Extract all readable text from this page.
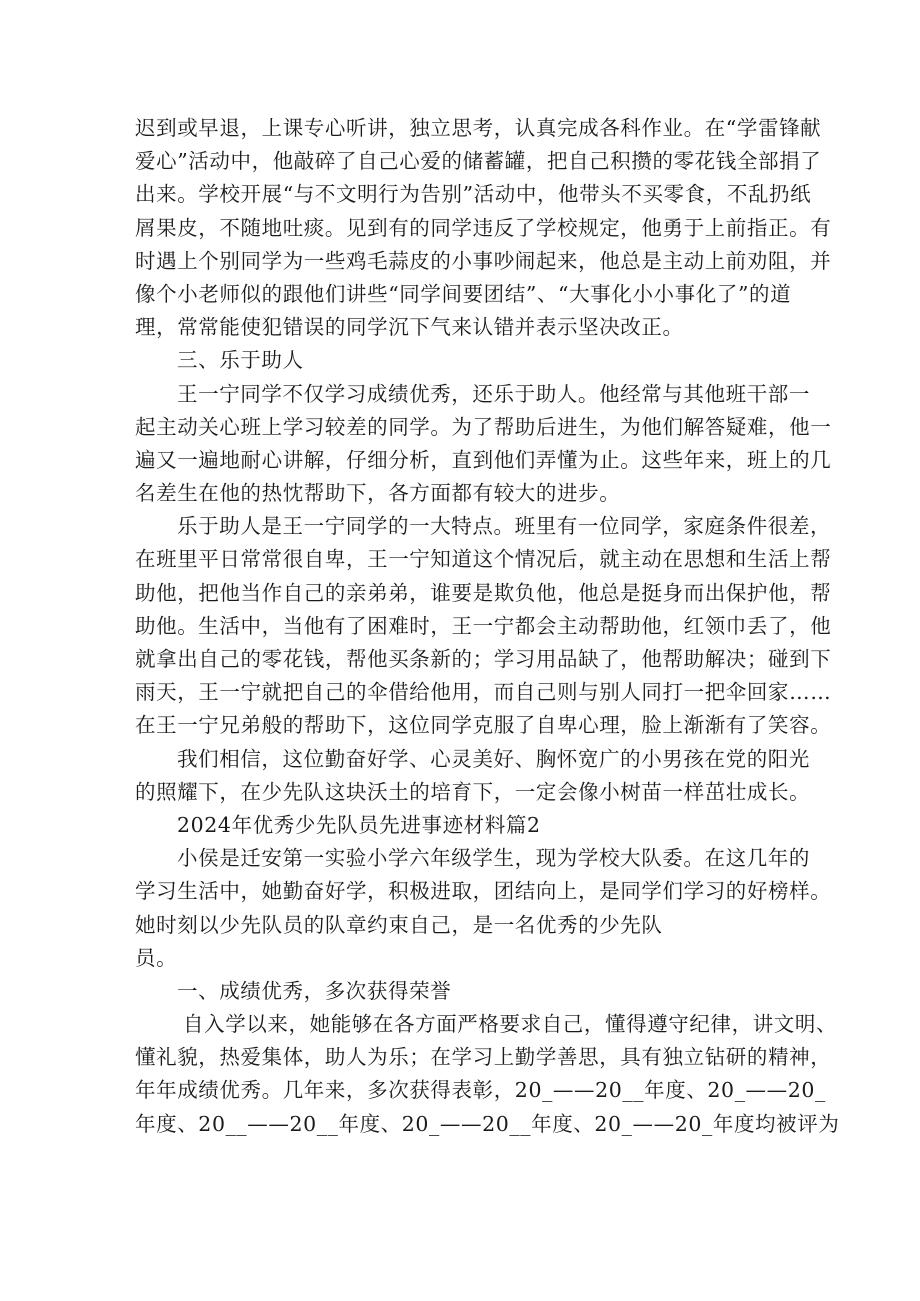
迟到或早退，上课专心听讲，独立思考，认真完成各科作业。在“学雷锋献
爱心”活动中，他敲碎了自己心爱的储蓄罐，把自己积攒的零花钱全部捐了
出来。学校开展“与不文明行为告别”活动中，他带头不买零食，不乱扔纸
屑果皮，不随地吐痰。见到有的同学违反了学校规定，他勇于上前指正。有
时遇上个别同学为一些鸡毛蒜皮的小事吵闹起来，他总是主动上前劝阻，并
像个小老师似的跟他们讲些“同学间要团结”、“大事化小小事化了”的道
理，常常能使犯错误的同学沉下气来认错并表示坚决改正。
三、乐于助人
王一宁同学不仅学习成绩优秀，还乐于助人。他经常与其他班干部一
起主动关心班上学习较差的同学。为了帮助后进生，为他们解答疑难，他一
遍又一遍地耐心讲解，仔细分析，直到他们弄懂为止。这些年来，班上的几
名差生在他的热忱帮助下，各方面都有较大的进步。
乐于助人是王一宁同学的一大特点。班里有一位同学，家庭条件很差，
在班里平日常常很自卑，王一宁知道这个情况后，就主动在思想和生活上帮
助他，把他当作自己的亲弟弟，谁要是欺负他，他总是挺身而出保护他，帮
助他。生活中，当他有了困难时，王一宁都会主动帮助他，红领巾丢了，他
就拿出自己的零花钱，帮他买条新的；学习用品缺了，他帮助解决；碰到下
雨天，王一宁就把自己的伞借给他用，而自己则与别人同打一把伞回家……
在王一宁兄弟般的帮助下，这位同学克服了自卑心理，脸上渐渐有了笑容。
我们相信，这位勤奋好学、心灵美好、胸怀宽广的小男孩在党的阳光
的照耀下，在少先队这块沃土的培育下，一定会像小树苗一样茁壮成长。
2024年优秀少先队员先进事迹材料篇2
小侯是迁安第一实验小学六年级学生，现为学校大队委。在这几年的
学习生活中，她勤奋好学，积极进取，团结向上，是同学们学习的好榜样。
她时刻以少先队员的队章约束自己，是一名优秀的少先队
员。
一、成绩优秀，多次获得荣誉
自入学以来，她能够在各方面严格要求自己，懂得遵守纪律，讲文明、
懂礼貌，热爱集体，助人为乐；在学习上勤学善思，具有独立钻研的精神，
年年成绩优秀。几年来，多次获得表彰，20_——20__年度、20_——20_
年度、20__——20__年度、20_——20__年度、20_——20_年度均被评为
